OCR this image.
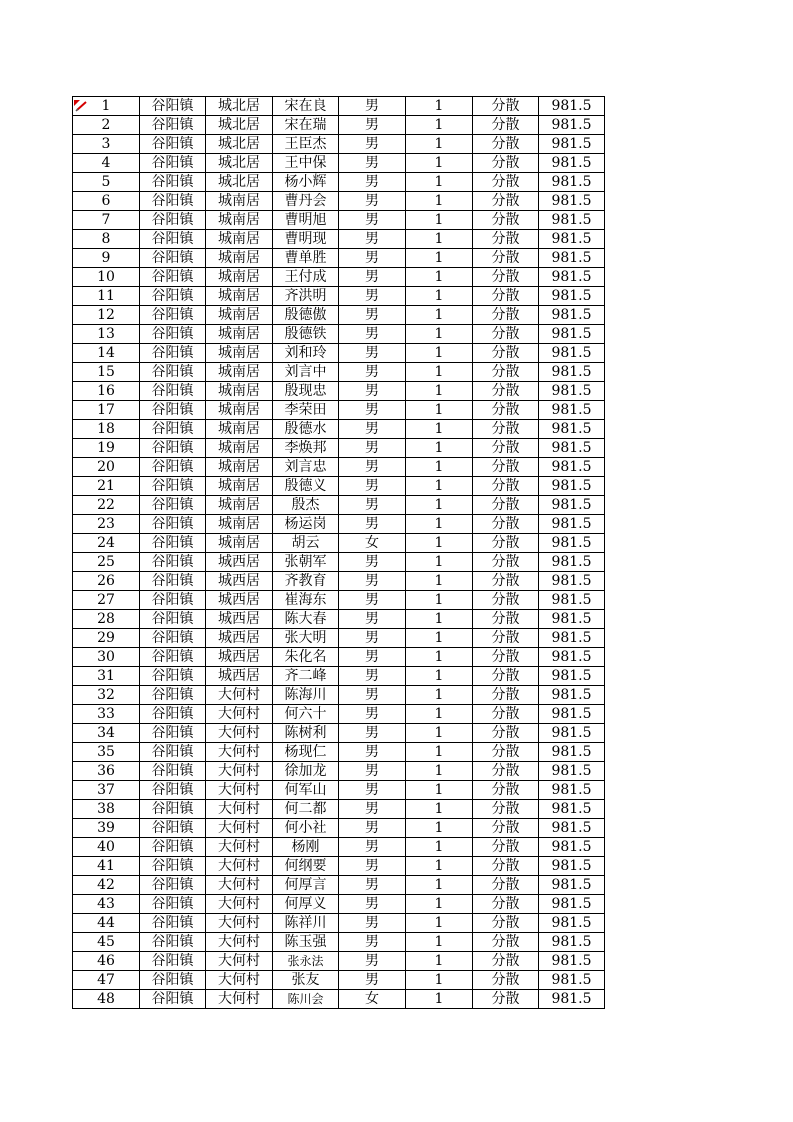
1	谷阳镇	城北居	宋在良	男	1	分散	981.5
2	谷阳镇	城北居	宋在瑞	男	1	分散	981.5
3	谷阳镇	城北居	王臣杰	男	1	分散	981.5
4	谷阳镇	城北居	王中保	男	1	分散	981.5
5	谷阳镇	城北居	杨小辉	男	1	分散	981.5
6	谷阳镇	城南居	曹丹会	男	1	分散	981.5
7	谷阳镇	城南居	曹明旭	男	1	分散	981.5
8	谷阳镇	城南居	曹明现	男	1	分散	981.5
9	谷阳镇	城南居	曹单胜	男	1	分散	981.5
10	谷阳镇	城南居	王付成	男	1	分散	981.5
11	谷阳镇	城南居	齐洪明	男	1	分散	981.5
12	谷阳镇	城南居	殷德傲	男	1	分散	981.5
13	谷阳镇	城南居	殷德铁	男	1	分散	981.5
14	谷阳镇	城南居	刘和玲	男	1	分散	981.5
15	谷阳镇	城南居	刘言中	男	1	分散	981.5
16	谷阳镇	城南居	殷现忠	男	1	分散	981.5
17	谷阳镇	城南居	李荣田	男	1	分散	981.5
18	谷阳镇	城南居	殷德水	男	1	分散	981.5
19	谷阳镇	城南居	李焕邦	男	1	分散	981.5
20	谷阳镇	城南居	刘言忠	男	1	分散	981.5
21	谷阳镇	城南居	殷德义	男	1	分散	981.5
22	谷阳镇	城南居	殷杰	男	1	分散	981.5
23	谷阳镇	城南居	杨运岗	男	1	分散	981.5
24	谷阳镇	城南居	胡云	女	1	分散	981.5
25	谷阳镇	城西居	张朝军	男	1	分散	981.5
26	谷阳镇	城西居	齐教育	男	1	分散	981.5
27	谷阳镇	城西居	崔海东	男	1	分散	981.5
28	谷阳镇	城西居	陈大春	男	1	分散	981.5
29	谷阳镇	城西居	张大明	男	1	分散	981.5
30	谷阳镇	城西居	朱化名	男	1	分散	981.5
31	谷阳镇	城西居	齐二峰	男	1	分散	981.5
32	谷阳镇	大何村	陈海川	男	1	分散	981.5
33	谷阳镇	大何村	何六十	男	1	分散	981.5
34	谷阳镇	大何村	陈树利	男	1	分散	981.5
35	谷阳镇	大何村	杨现仁	男	1	分散	981.5
36	谷阳镇	大何村	徐加龙	男	1	分散	981.5
37	谷阳镇	大何村	何军山	男	1	分散	981.5
38	谷阳镇	大何村	何二都	男	1	分散	981.5
39	谷阳镇	大何村	何小社	男	1	分散	981.5
40	谷阳镇	大何村	杨刚	男	1	分散	981.5
41	谷阳镇	大何村	何纲要	男	1	分散	981.5
42	谷阳镇	大何村	何厚言	男	1	分散	981.5
43	谷阳镇	大何村	何厚义	男	1	分散	981.5
44	谷阳镇	大何村	陈祥川	男	1	分散	981.5
45	谷阳镇	大何村	陈玉强	男	1	分散	981.5
46	谷阳镇	大何村	张永法	男	1	分散	981.5
47	谷阳镇	大何村	张友	男	1	分散	981.5
48	谷阳镇	大何村	陈川会	女	1	分散	981.5
